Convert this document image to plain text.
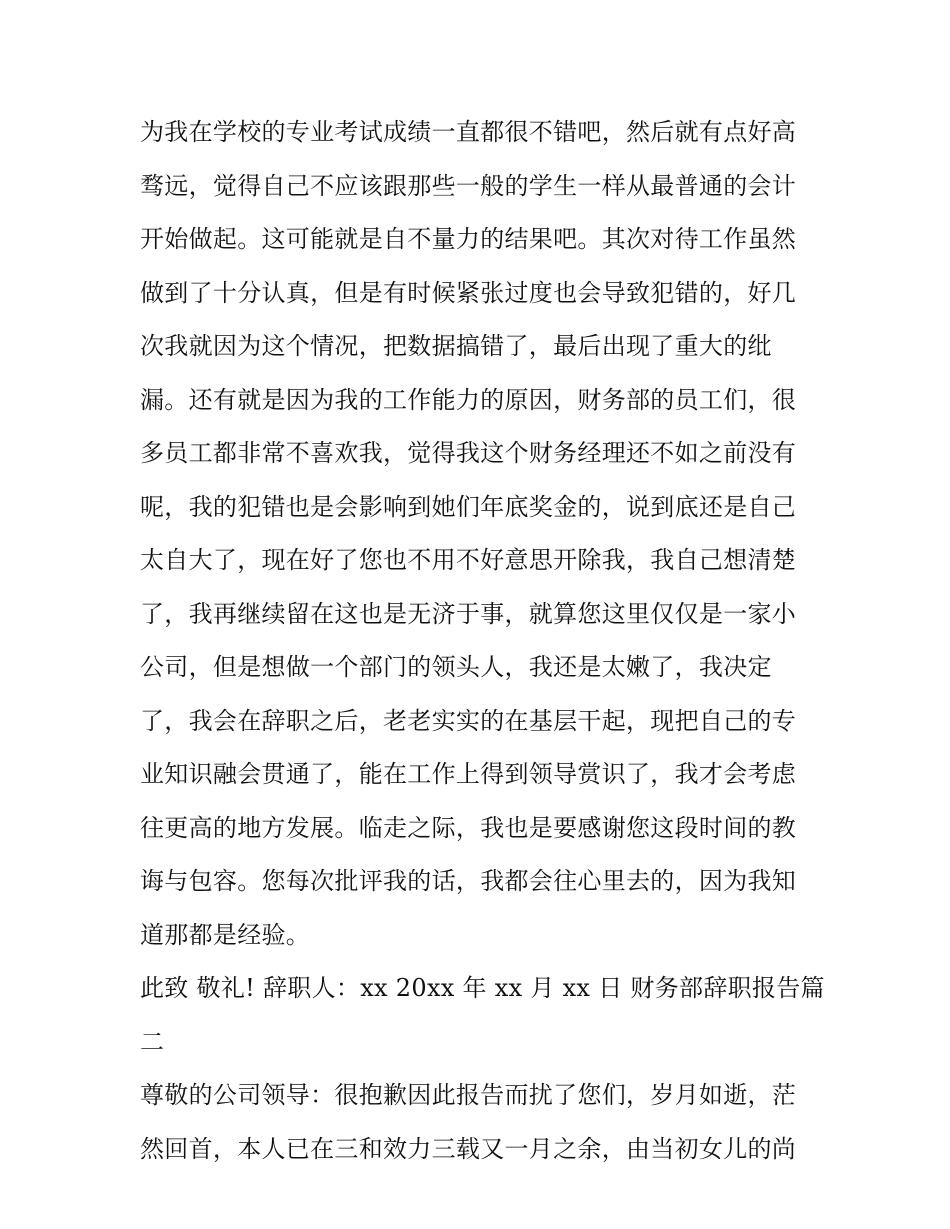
为我在学校的专业考试成绩一直都很不错吧，然后就有点好高
骛远，觉得自己不应该跟那些一般的学生一样从最普通的会计
开始做起。这可能就是自不量力的结果吧。其次对待工作虽然
做到了十分认真，但是有时候紧张过度也会导致犯错的，好几
次我就因为这个情况，把数据搞错了，最后出现了重大的纰
漏。还有就是因为我的工作能力的原因，财务部的员工们，很
多员工都非常不喜欢我，觉得我这个财务经理还不如之前没有
呢，我的犯错也是会影响到她们年底奖金的，说到底还是自己
太自大了，现在好了您也不用不好意思开除我，我自己想清楚
了，我再继续留在这也是无济于事，就算您这里仅仅是一家小
公司，但是想做一个部门的领头人，我还是太嫩了，我决定
了，我会在辞职之后，老老实实的在基层干起，现把自己的专
业知识融会贯通了，能在工作上得到领导赏识了，我才会考虑
往更高的地方发展。临走之际，我也是要感谢您这段时间的教
诲与包容。您每次批评我的话，我都会往心里去的，因为我知
道那都是经验。
此致 敬礼! 辞职人：xx 20xx 年 xx 月 xx 日 财务部辞职报告篇
二
尊敬的公司领导：很抱歉因此报告而扰了您们，岁月如逝，茫
然回首，本人已在三和效力三载又一月之余，由当初女儿的尚
